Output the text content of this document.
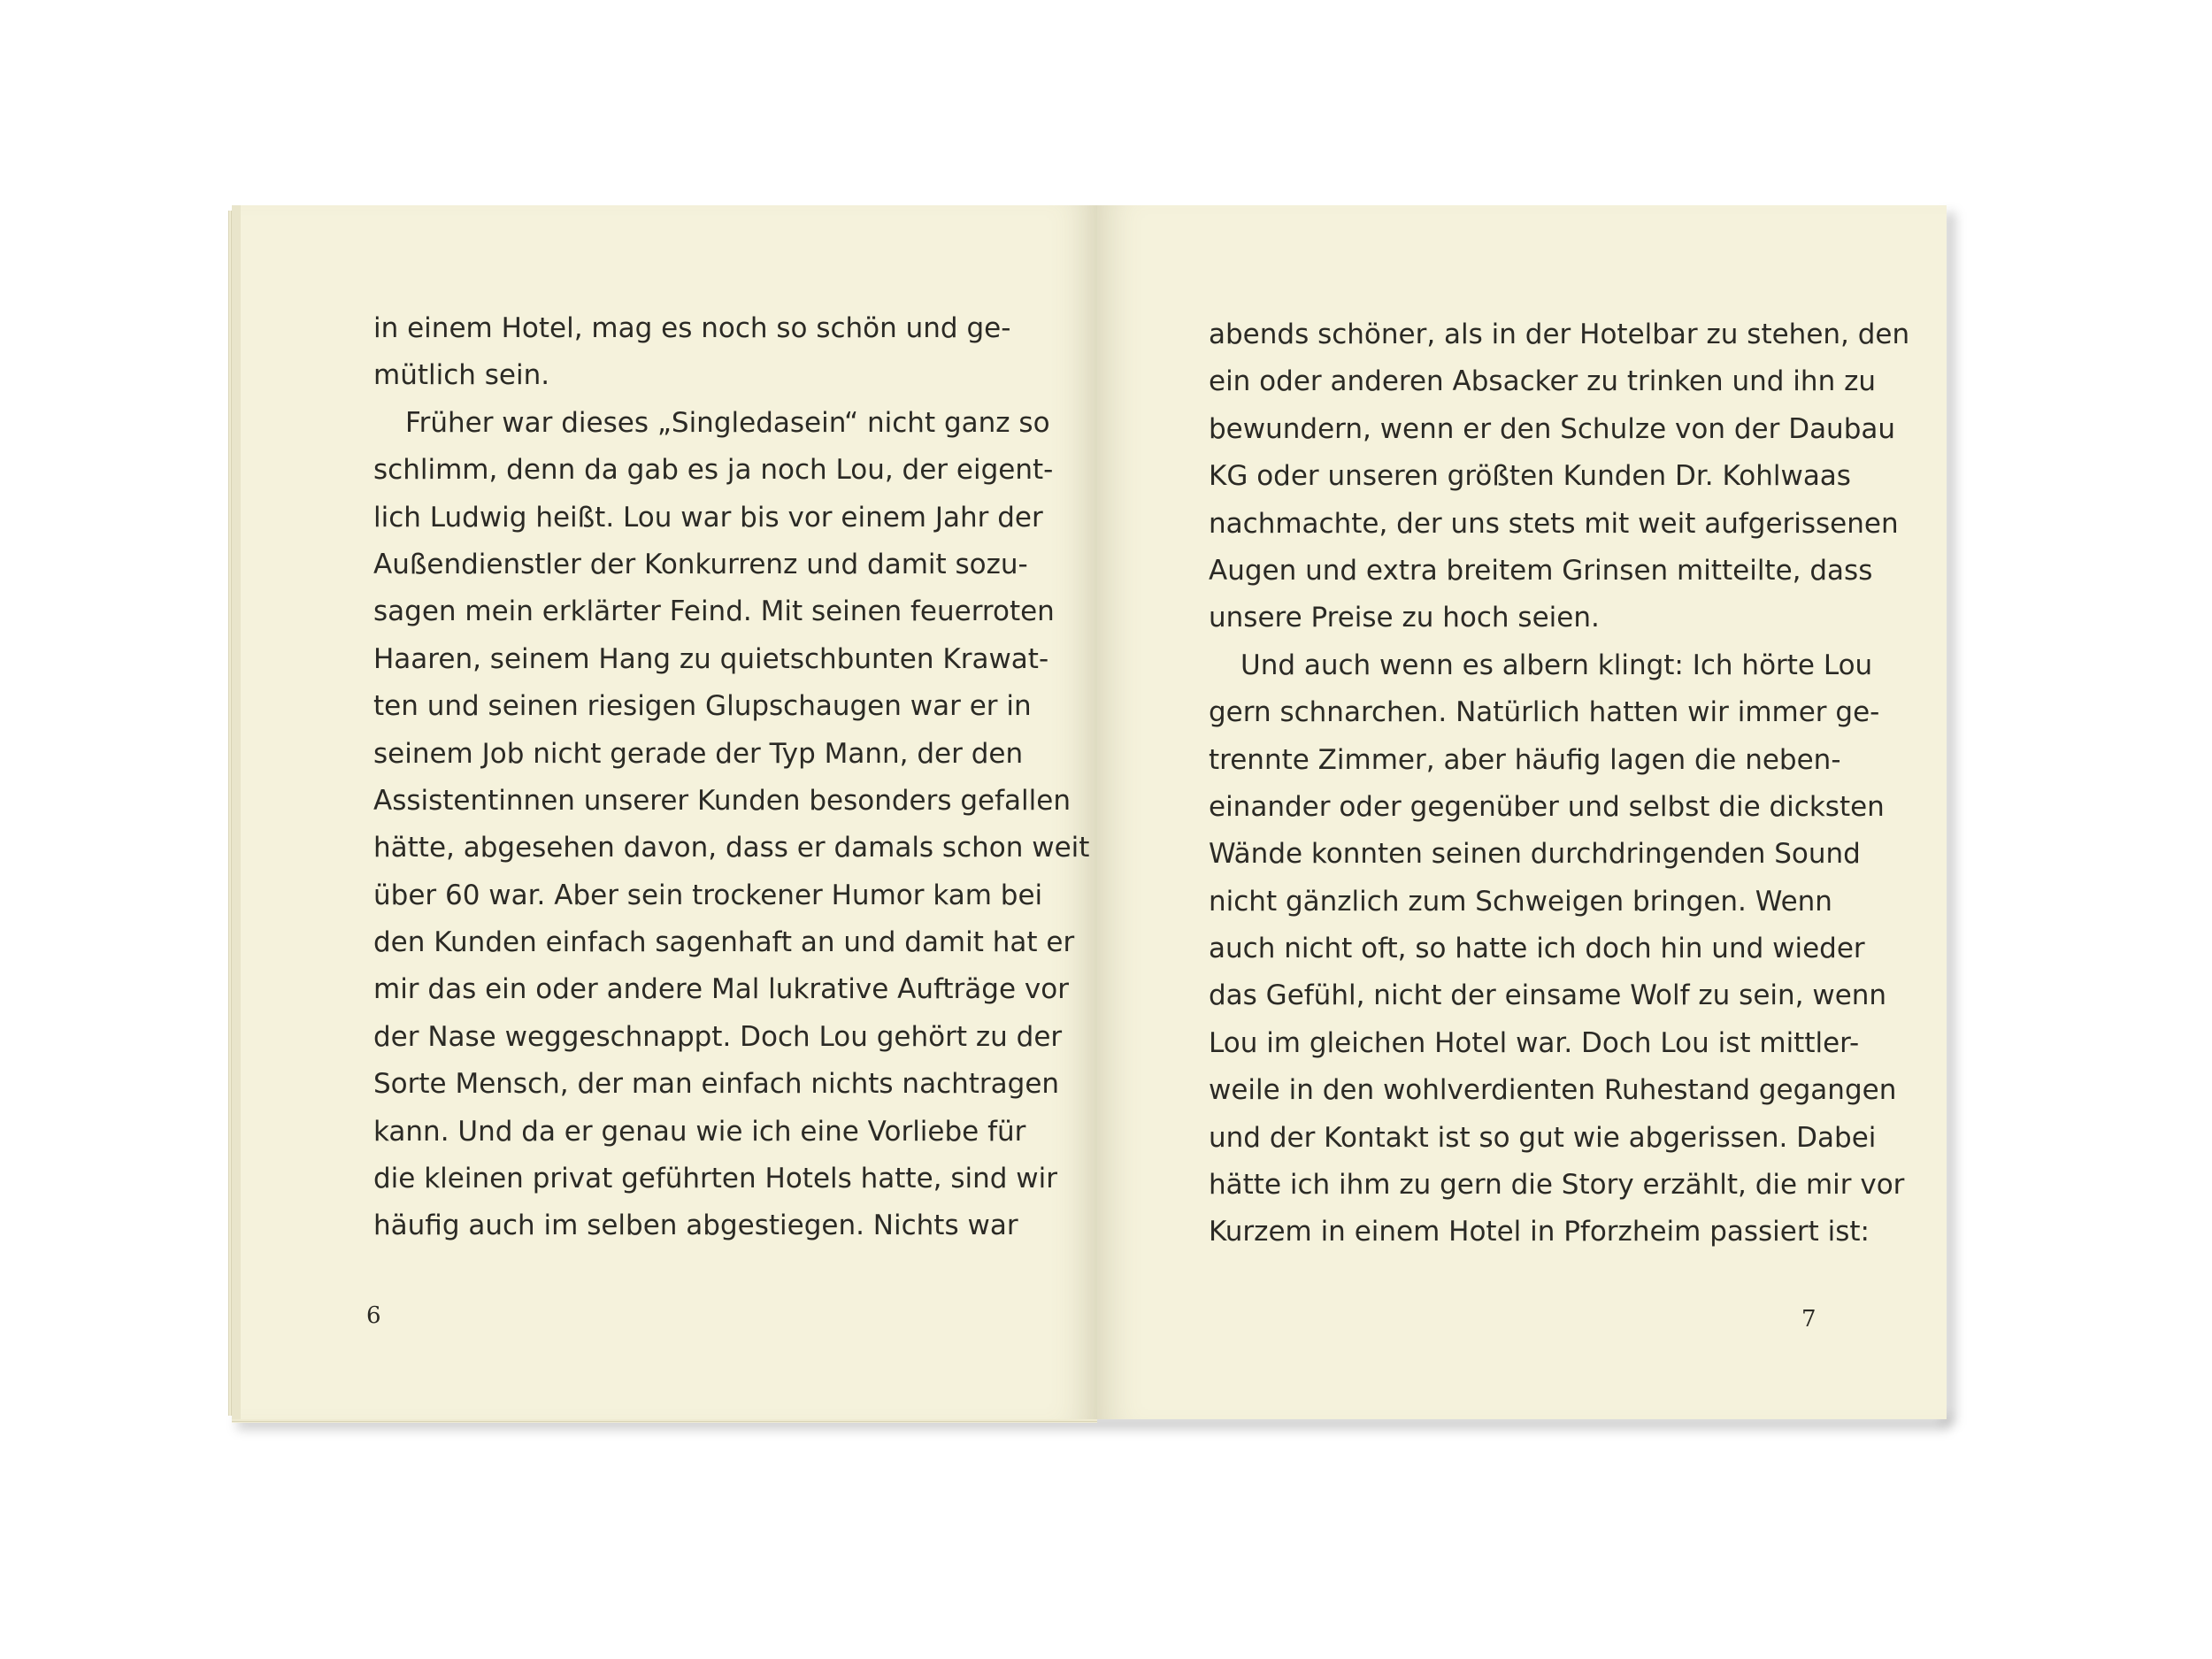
in einem Hotel, mag es noch so schön und ge-
mütlich sein.
Früher war dieses „Singledasein“ nicht ganz so
schlimm, denn da gab es ja noch Lou, der eigent-
lich Ludwig heißt. Lou war bis vor einem Jahr der
Außendienstler der Konkurrenz und damit sozu-
sagen mein erklärter Feind. Mit seinen feuerroten
Haaren, seinem Hang zu quietschbunten Krawat-
ten und seinen riesigen Glupschaugen war er in
seinem Job nicht gerade der Typ Mann, der den
Assistentinnen unserer Kunden besonders gefallen
hätte, abgesehen davon, dass er damals schon weit
über 60 war. Aber sein trockener Humor kam bei
den Kunden einfach sagenhaft an und damit hat er
mir das ein oder andere Mal lukrative Aufträge vor
der Nase weggeschnappt. Doch Lou gehört zu der
Sorte Mensch, der man einfach nichts nachtragen
kann. Und da er genau wie ich eine Vorliebe für
die kleinen privat geführten Hotels hatte, sind wir
häufig auch im selben abgestiegen. Nichts war
abends schöner, als in der Hotelbar zu stehen, den
ein oder anderen Absacker zu trinken und ihn zu
bewundern, wenn er den Schulze von der Daubau
KG oder unseren größten Kunden Dr. Kohlwaas
nachmachte, der uns stets mit weit aufgerissenen
Augen und extra breitem Grinsen mitteilte, dass
unsere Preise zu hoch seien.
Und auch wenn es albern klingt: Ich hörte Lou
gern schnarchen. Natürlich hatten wir immer ge-
trennte Zimmer, aber häufig lagen die neben-
einander oder gegenüber und selbst die dicksten
Wände konnten seinen durchdringenden Sound
nicht gänzlich zum Schweigen bringen. Wenn
auch nicht oft, so hatte ich doch hin und wieder
das Gefühl, nicht der einsame Wolf zu sein, wenn
Lou im gleichen Hotel war. Doch Lou ist mittler-
weile in den wohlverdienten Ruhestand gegangen
und der Kontakt ist so gut wie abgerissen. Dabei
hätte ich ihm zu gern die Story erzählt, die mir vor
Kurzem in einem Hotel in Pforzheim passiert ist:
6	7
